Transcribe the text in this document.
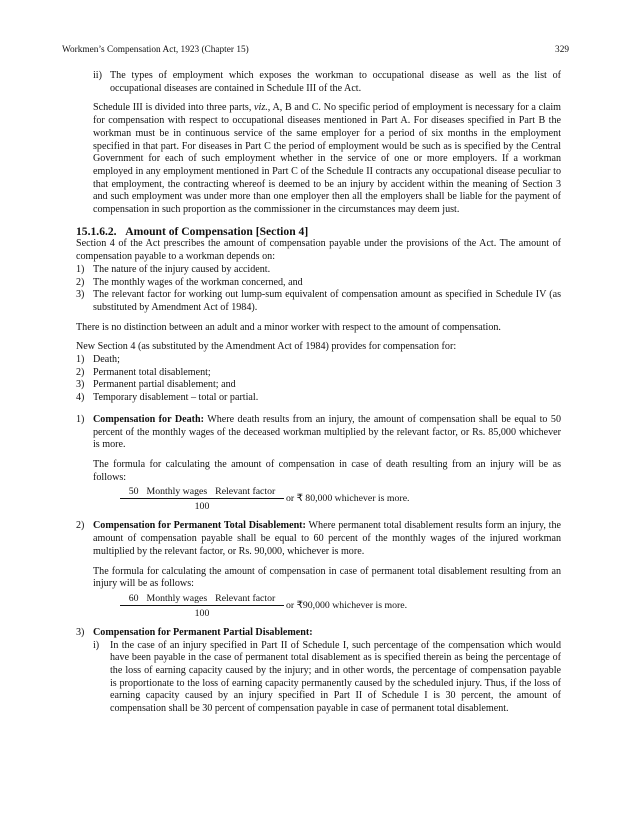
Workmen’s Compensation Act, 1923 (Chapter 15)	329

ii) The types of employment which exposes the workman to occupational disease as well as the list of occupational diseases are contained in Schedule III of the Act.

Schedule III is divided into three parts, viz., A, B and C. No specific period of employment is necessary for a claim for compensation with respect to occupational diseases mentioned in Part A. For diseases specified in Part B the workman must be in continuous service of the same employer for a period of six months in the employment specified in that part. For diseases in Part C the period of employment would be such as is specified by the Central Government for each of such employment whether in the service of one or more employers. If a workman employed in any employment mentioned in Part C of the Schedule II contracts any occupational disease peculiar to that employment, the contracting whereof is deemed to be an injury by accident within the meaning of Section 3 and such employment was under more than one employer then all the employers shall be liable for the payment of compensation in such proportion as the commissioner in the circumstances may deem just.

15.1.6.2.   Amount of Compensation [Section 4]

Section 4 of the Act prescribes the amount of compensation payable under the provisions of the Act. The amount of compensation payable to a workman depends on:

1) The nature of the injury caused by accident.

2) The monthly wages of the workman concerned, and

3) The relevant factor for working out lump-sum equivalent of compensation amount as specified in Schedule IV (as substituted by Amendment Act of 1984).

There is no distinction between an adult and a minor worker with respect to the amount of compensation.

New Section 4 (as substituted by the Amendment Act of 1984) provides for compensation for:

1) Death;

2) Permanent total disablement;

3) Permanent partial disablement; and

4) Temporary disablement – total or partial.

1) Compensation for Death: Where death results from an injury, the amount of compensation shall be equal to 50 percent of the monthly wages of the deceased workman multiplied by the relevant factor, or Rs. 85,000 whichever is more.

The formula for calculating the amount of compensation in case of death resulting from an injury will be as follows:

50 Monthly wages Relevant factor
100
or ₹ 80,000 whichever is more.

2) Compensation for Permanent Total Disablement: Where permanent total disablement results form an injury, the amount of compensation payable shall be equal to 60 percent of the monthly wages of the injured workman multiplied by the relevant factor, or Rs. 90,000, whichever is more.

The formula for calculating the amount of compensation in case of permanent total disablement resulting from an injury will be as follows:

60 Monthly wages Relevant factor
100
or ₹90,000 whichever is more.

3) Compensation for Permanent Partial Disablement:

i) In the case of an injury specified in Part II of Schedule I, such percentage of the compensation which would have been payable in the case of permanent total disablement as is specified therein as being the percentage of the loss of earning capacity caused by the injury; and in other words, the percentage of compensation payable is proportionate to the loss of earning capacity permanently caused by the scheduled injury. Thus, if the loss of earning capacity caused by an injury specified in Part II of Schedule I is 30 percent, the amount of compensation shall be 30 percent of compensation payable in case of permanent total disablement.
